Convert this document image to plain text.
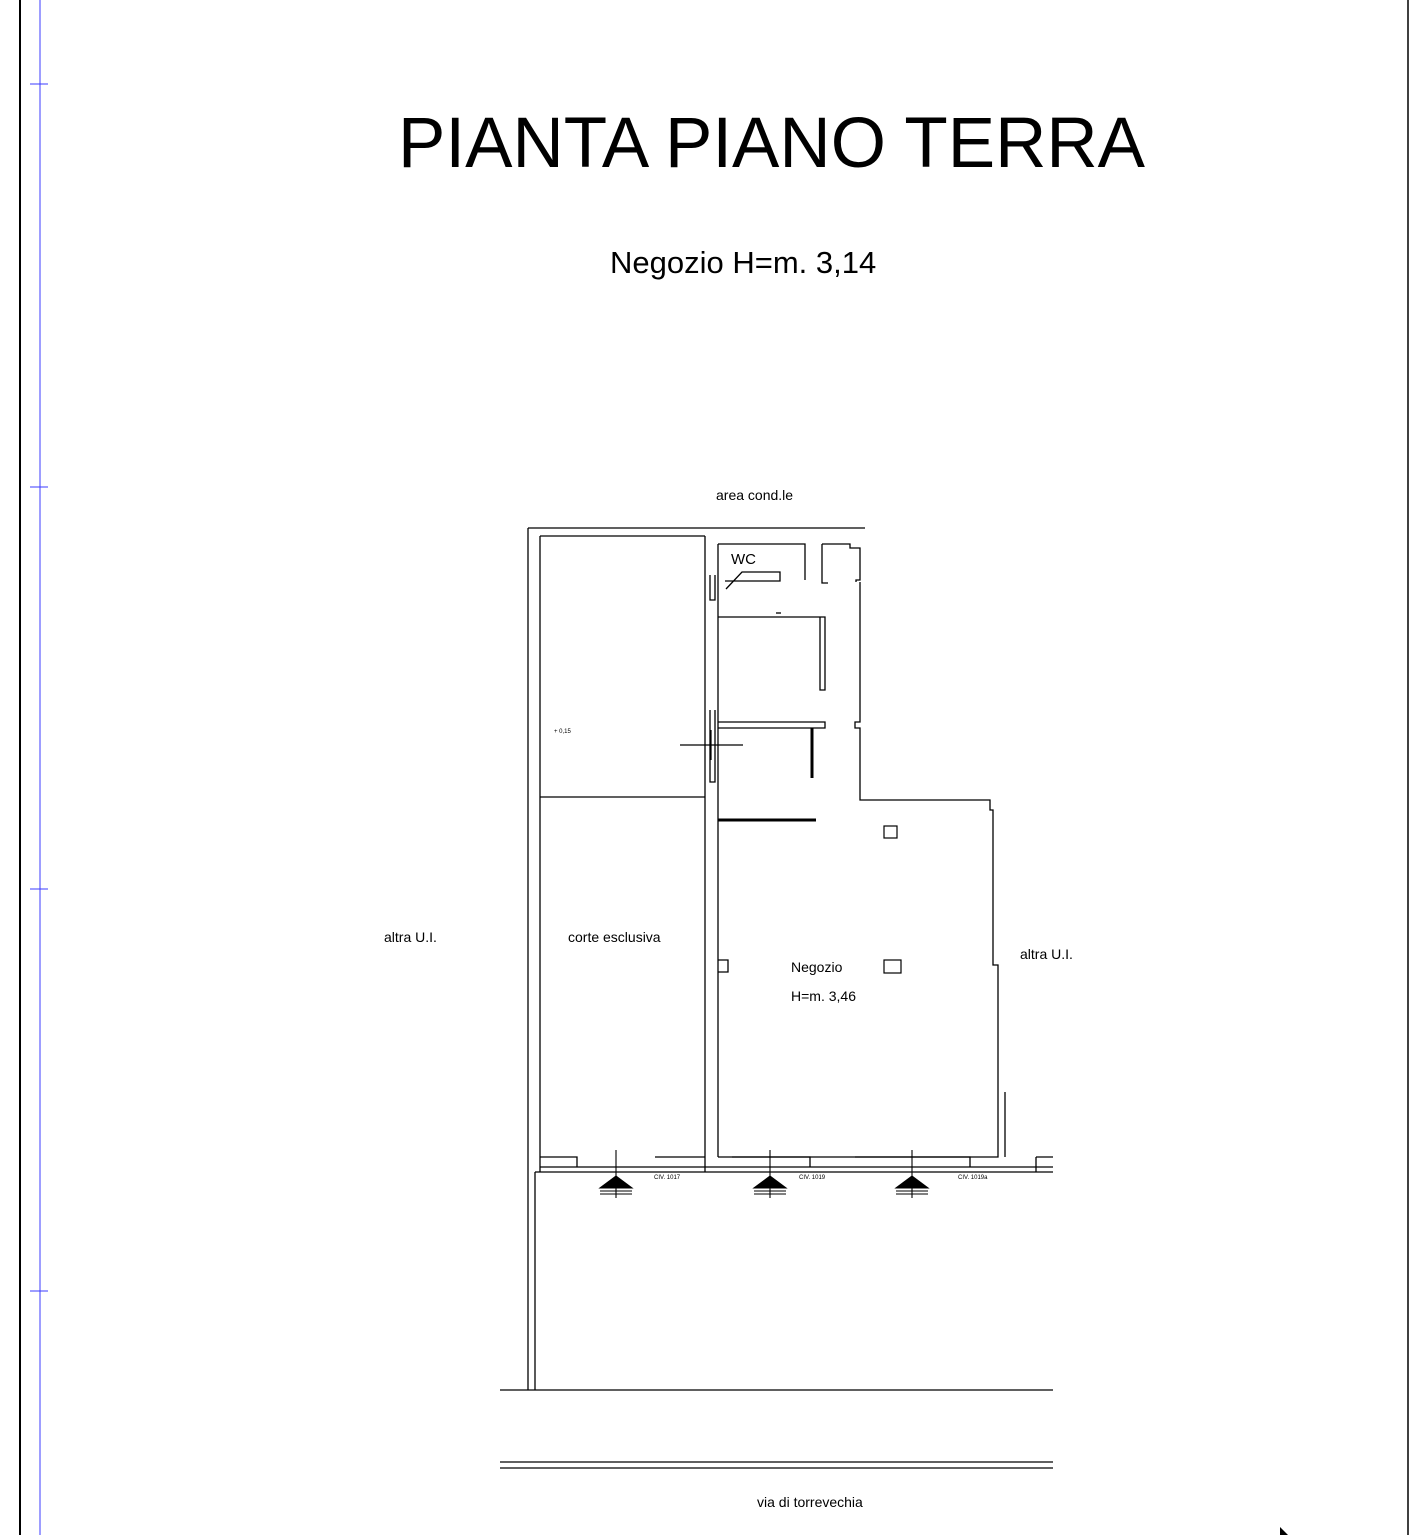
PIANTA PIANO TERRA
Negozio H=m. 3,14
area cond.le
WC
+ 0,15
corte esclusiva
altra U.I.
altra U.I.
Negozio
H=m. 3,46
CIV. 1017	CIV. 1019	CIV. 1019a
via di torrevechia
